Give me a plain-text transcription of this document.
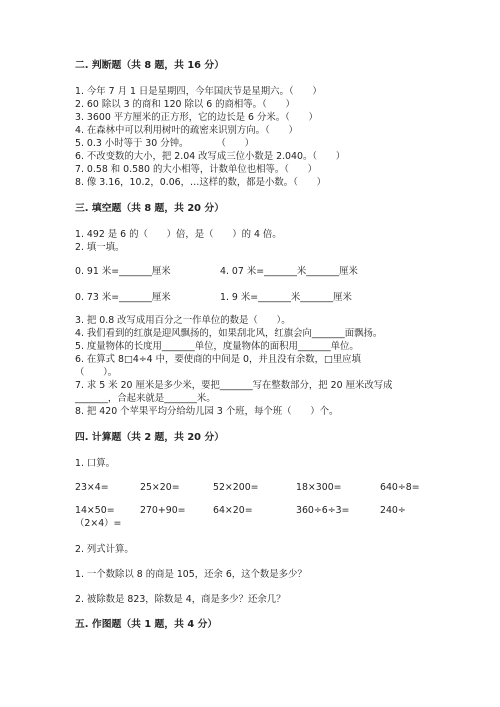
二. 判断题（共 8 题，共 16 分）
1. 今年 7 月 1 日是星期四，今年国庆节是星期六。（　　）
2. 60 除以 3 的商和 120 除以 6 的商相等。（　　）
3. 3600 平方厘米的正方形，它的边长是 6 分米。（　　）
4. 在森林中可以利用树叶的疏密来识别方向。（　　）
5. 0.3 小时等于 30 分钟。　　　　（　　）
6. 不改变数的大小，把 2.04 改写成三位小数是 2.040。（　　）
7. 0.58 和 0.580 的大小相等，计数单位也相等。（　　）
8. 像 3.16，10.2，0.06，…这样的数，都是小数。（　　）
三. 填空题（共 8 题，共 20 分）
1. 492 是 6 的（　　）倍，是（　　）的 4 倍。
2. 填一填。
0. 91 米=_______厘米	4. 07 米=_______米_______厘米
0. 73 米=_______厘米	1. 9 米=_______米_______厘米
3. 把 0.8 改写成用百分之一作单位的数是（　　）。
4. 我们看到的红旗是迎风飘扬的，如果刮北风，红旗会向_______面飘扬。
5. 度量物体的长度用_______单位，度量物体的面积用_______单位。
6. 在算式 8□4÷4 中，要使商的中间是 0，并且没有余数，□里应填
（　　）。
7. 求 5 米 20 厘米是多少米，要把_______写在整数部分，把 20 厘米改写成
_______，合起来就是_______米。
8. 把 420 个苹果平均分给幼儿园 3 个班，每个班（　　）个。
四. 计算题（共 2 题，共 20 分）
1. 口算。
23×4=	25×20=	52×200=	18×300=	640÷8=
14×50=	270+90=	64×20=	360÷6÷3=	240÷
（2×4）=
2. 列式计算。
1. 一个数除以 8 的商是 105，还余 6，这个数是多少？
2. 被除数是 823，除数是 4，商是多少？还余几？
五. 作图题（共 1 题，共 4 分）
